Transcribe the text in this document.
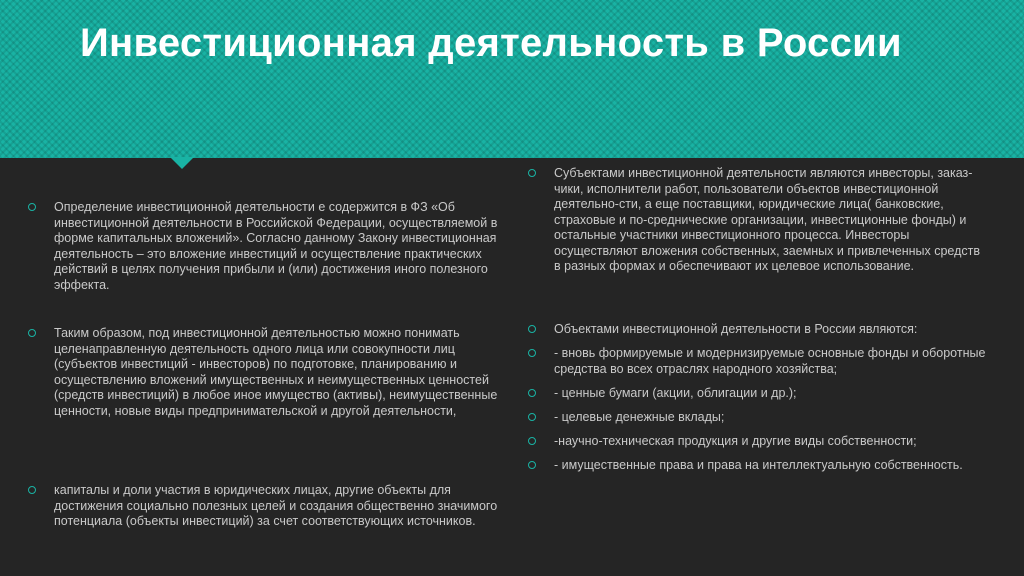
Инвестиционная деятельность в России
Определение инвестиционной деятельности е содержится в ФЗ «Об инвестиционной деятельности в Российской Федерации, осуществляемой в форме капитальных вложений». Согласно данному Закону инвестиционная деятельность – это вложение инвестиций и осуществление практических действий в целях получения прибыли и (или) достижения иного полезного эффекта.
Таким образом, под инвестиционной деятельностью можно понимать целенаправленную деятельность одного лица или совокупности лиц (субъектов инвестиций - инвесторов) по подготовке, планированию и осуществлению вложений имущественных и неимущественных ценностей (средств инвестиций) в любое иное имущество (активы), неимущественные ценности, новые виды предпринимательской и другой деятельности,
капиталы и доли участия в юридических лицах, другие объекты для достижения социально полезных целей и создания общественно значимого потенциала (объекты инвестиций) за счет соответствующих источников.
Субъектами инвестиционной деятельности являются инвесторы, заказ-чики, исполнители работ, пользователи объектов инвестиционной деятельно-сти, а еще поставщики, юридические лица( банковские, страховые и по-среднические организации, инвестиционные фонды) и остальные участники инвестиционного процесса. Инвесторы осуществляют вложения собственных, заемных и привлеченных средств в разных формах и обеспечивают их целевое использование.
Объектами инвестиционной деятельности в России являются:
- вновь формируемые и модернизируемые основные фонды и оборотные средства во всех отраслях народного хозяйства;
- ценные бумаги (акции, облигации и др.);
- целевые денежные вклады;
-научно-техническая продукция и другие виды собственности;
- имущественные права и права на интеллектуальную собственность.
